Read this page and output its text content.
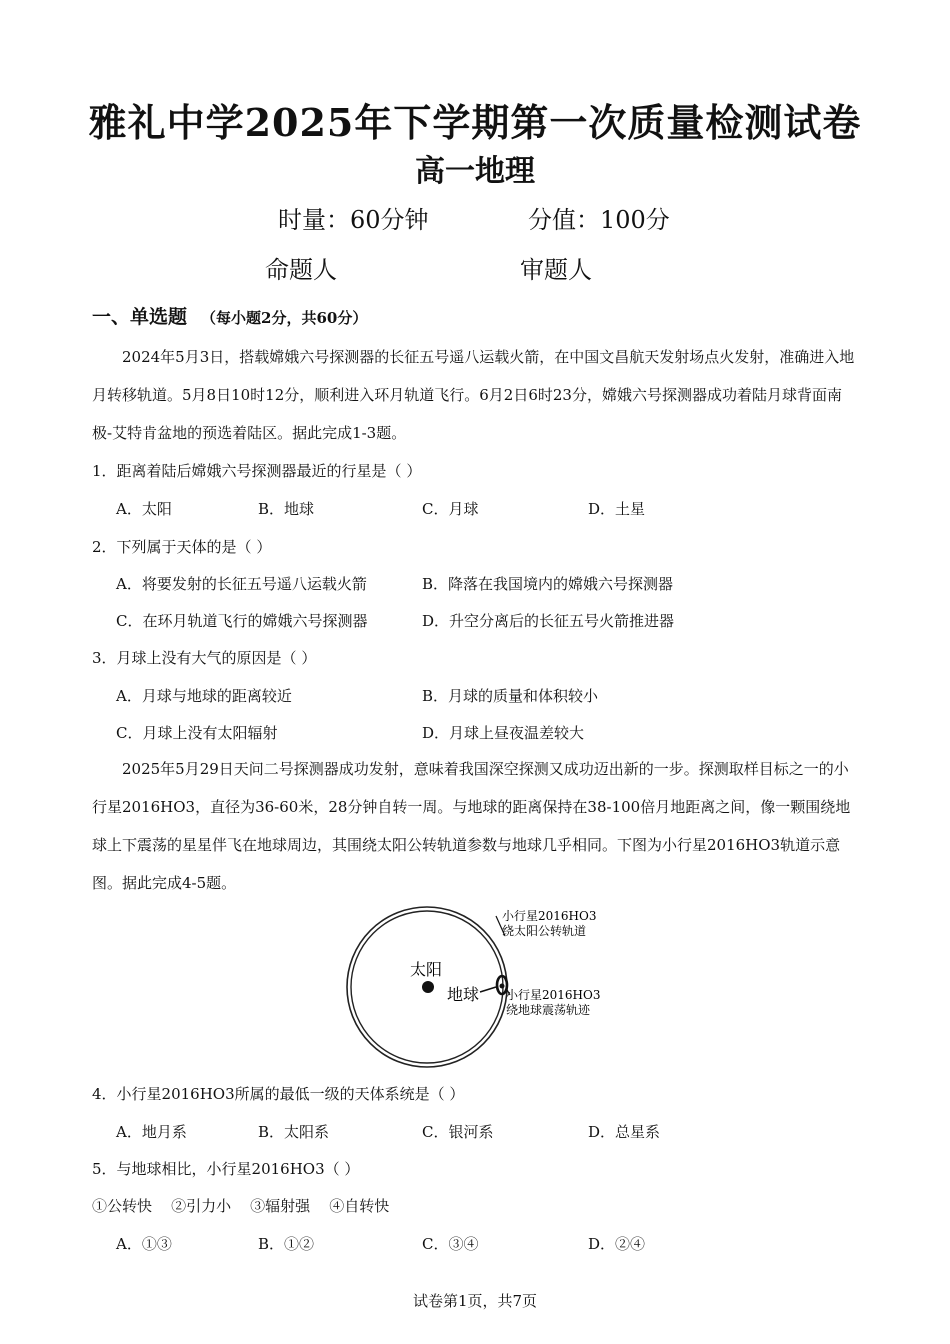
雅礼中学2025年下学期第一次质量检测试卷
高一地理
时量：60分钟	分值：100分
命题人	审题人
一、单选题 （每小题2分，共60分）
2024年5月3日，搭载嫦娥六号探测器的长征五号遥八运载火箭，在中国文昌航天发射场点火发射，准确进入地月转移轨道。5月8日10时12分，顺利进入环月轨道飞行。6月2日6时23分，嫦娥六号探测器成功着陆月球背面南极-艾特肯盆地的预选着陆区。据此完成1-3题。
1．距离着陆后嫦娥六号探测器最近的行星是（ ）
A．太阳	B．地球	C．月球	D．土星
2．下列属于天体的是（ ）
A．将要发射的长征五号遥八运载火箭	B．降落在我国境内的嫦娥六号探测器
C．在环月轨道飞行的嫦娥六号探测器	D．升空分离后的长征五号火箭推进器
3．月球上没有大气的原因是（ ）
A．月球与地球的距离较近	B．月球的质量和体积较小
C．月球上没有太阳辐射	D．月球上昼夜温差较大
2025年5月29日天问二号探测器成功发射，意味着我国深空探测又成功迈出新的一步。探测取样目标之一的小行星2016HO3，直径为36-60米，28分钟自转一周。与地球的距离保持在38-100倍月地距离之间，像一颗围绕地球上下震荡的星星伴飞在地球周边，其围绕太阳公转轨道参数与地球几乎相同。下图为小行星2016HO3轨道示意图。据此完成4-5题。
太阳
地球
小行星2016HO3
绕太阳公转轨道
小行星2016HO3
绕地球震荡轨迹
4．小行星2016HO3所属的最低一级的天体系统是（ ）
A．地月系	B．太阳系	C．银河系	D．总星系
5．与地球相比，小行星2016HO3（ ）
①公转快    ②引力小    ③辐射强    ④自转快
A．①③	B．①②	C．③④	D．②④
试卷第1页，共7页
